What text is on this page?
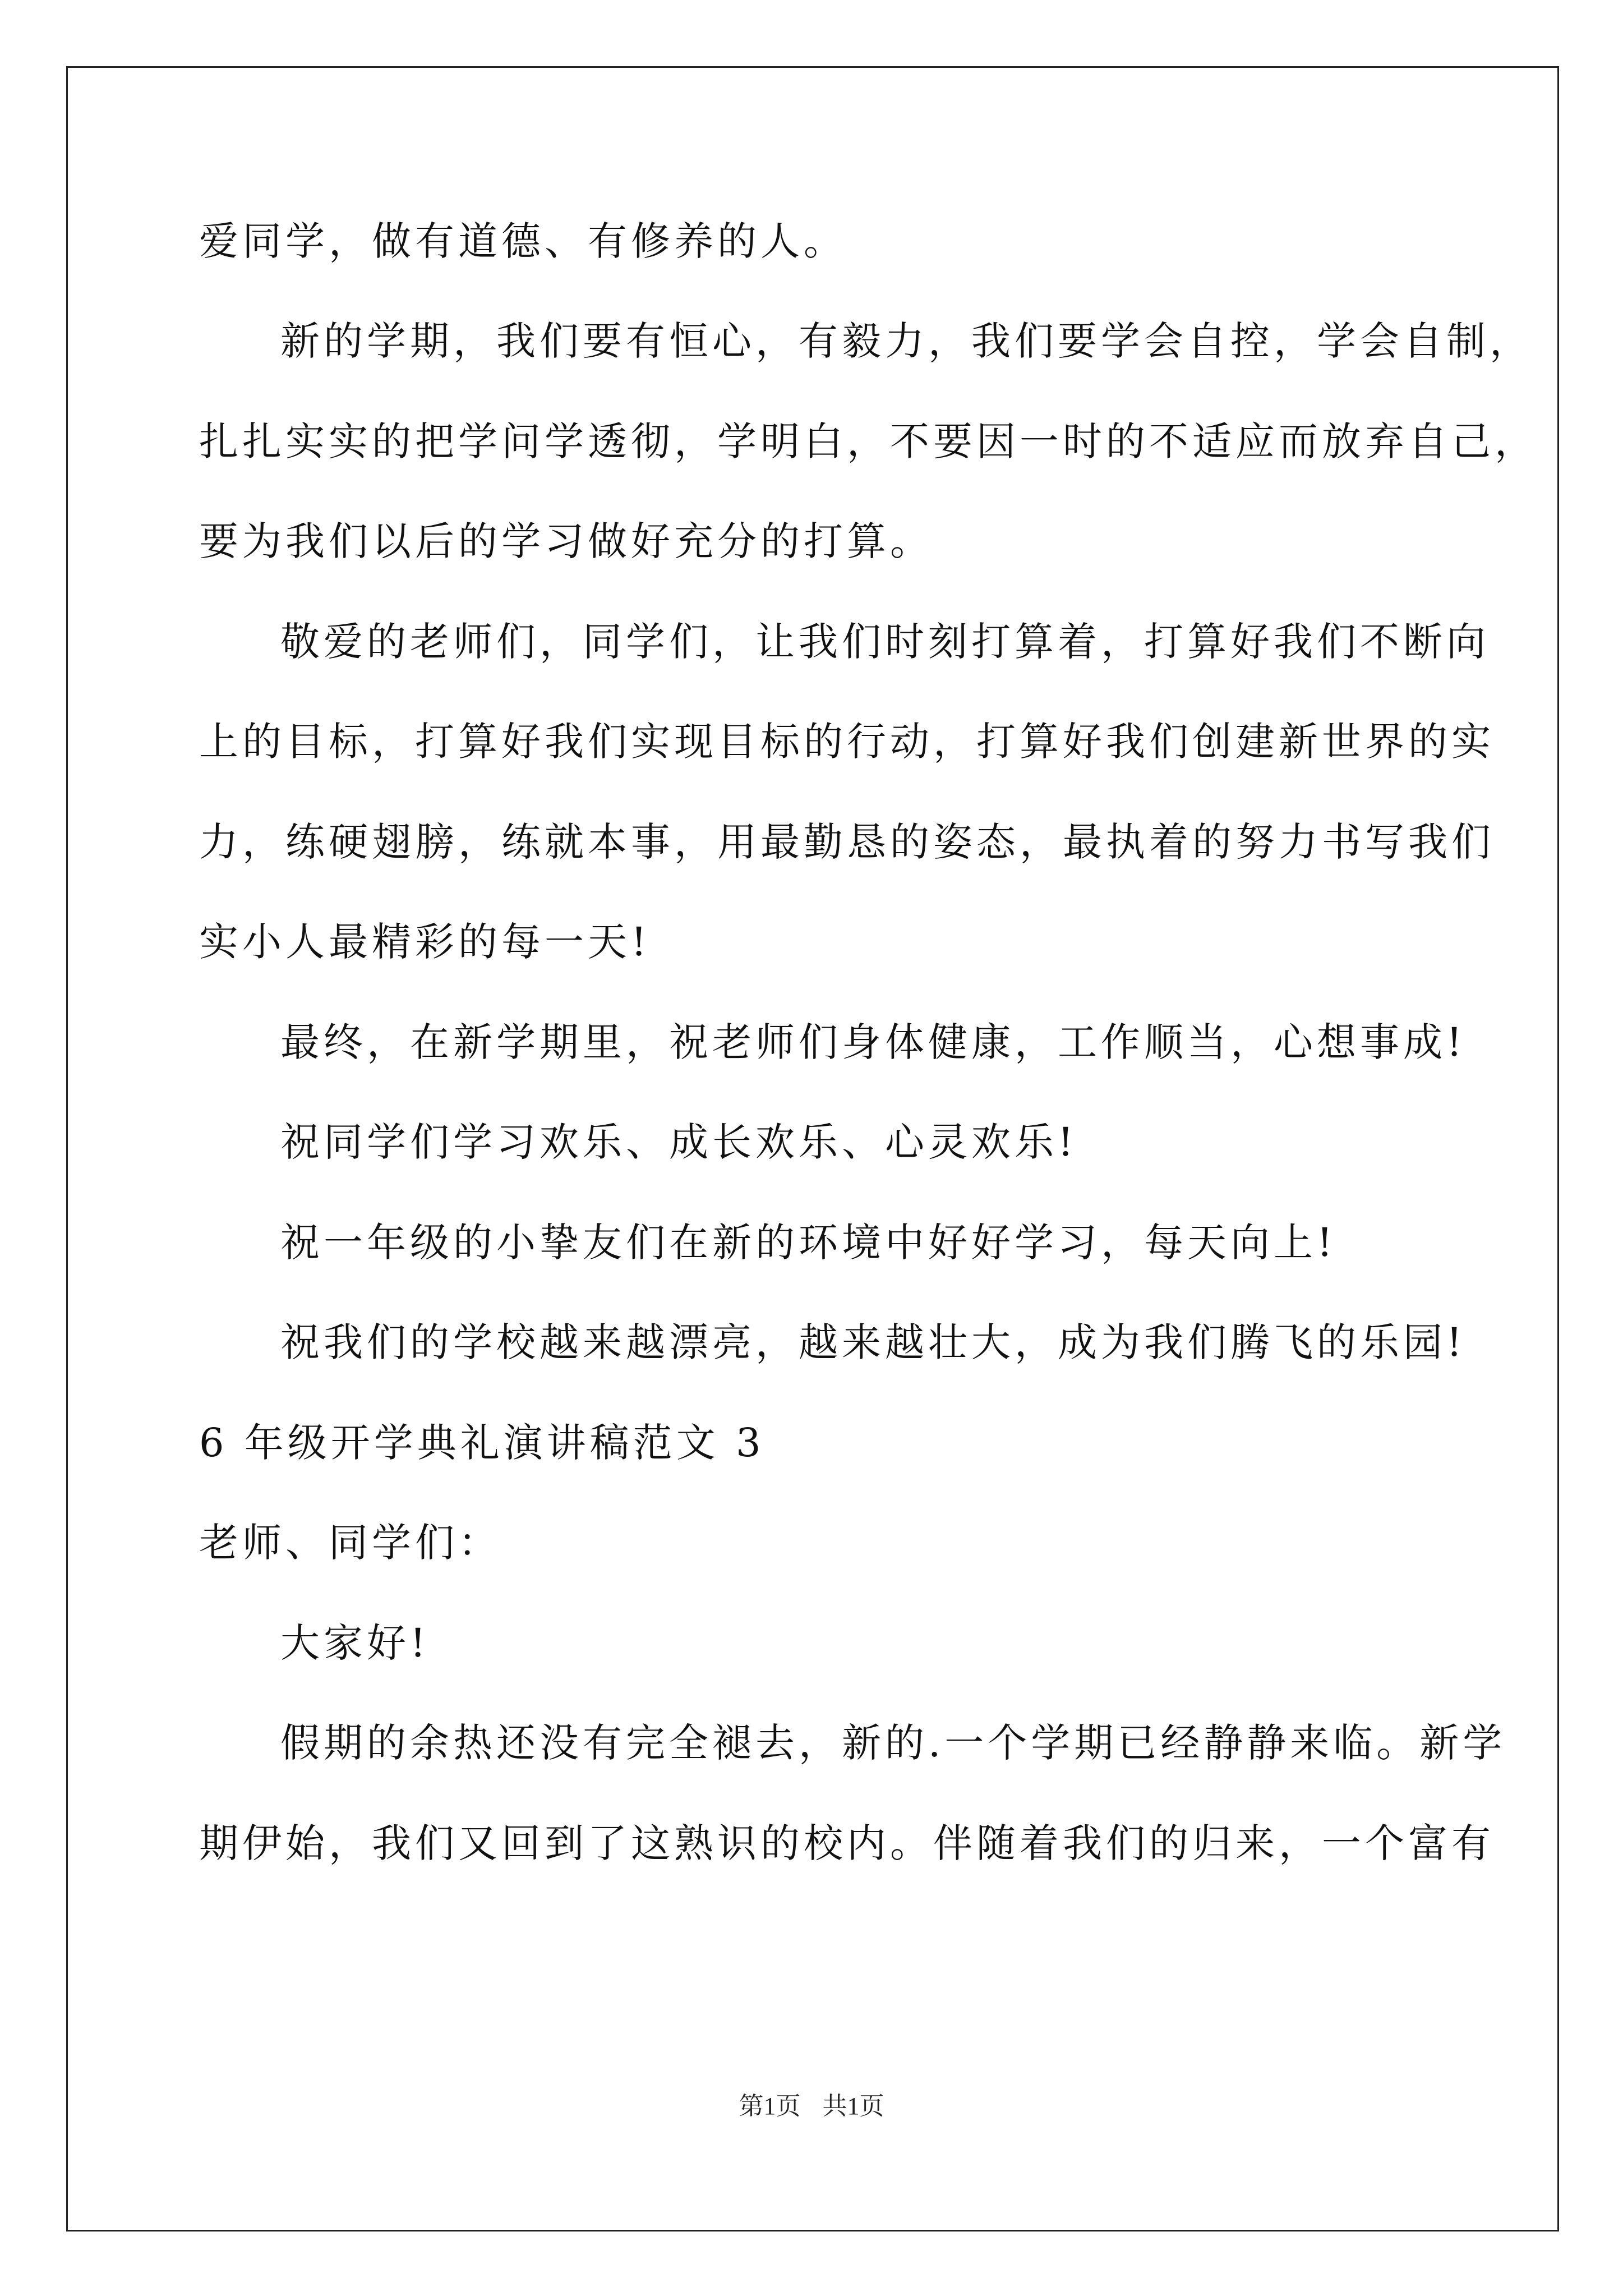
爱同学，做有道德、有修养的人。
新的学期，我们要有恒心，有毅力，我们要学会自控，学会自制，
扎扎实实的把学问学透彻，学明白，不要因一时的不适应而放弃自己，
要为我们以后的学习做好充分的打算。
敬爱的老师们，同学们，让我们时刻打算着，打算好我们不断向
上的目标，打算好我们实现目标的行动，打算好我们创建新世界的实
力，练硬翅膀，练就本事，用最勤恳的姿态，最执着的努力书写我们
实小人最精彩的每一天!
最终，在新学期里，祝老师们身体健康，工作顺当，心想事成!
祝同学们学习欢乐、成长欢乐、心灵欢乐!
祝一年级的小挚友们在新的环境中好好学习，每天向上!
祝我们的学校越来越漂亮，越来越壮大，成为我们腾飞的乐园!
6 年级开学典礼演讲稿范文 3
老师、同学们：
大家好!
假期的余热还没有完全褪去，新的.一个学期已经静静来临。新学
期伊始，我们又回到了这熟识的校内。伴随着我们的归来，一个富有
第1页 共1页
